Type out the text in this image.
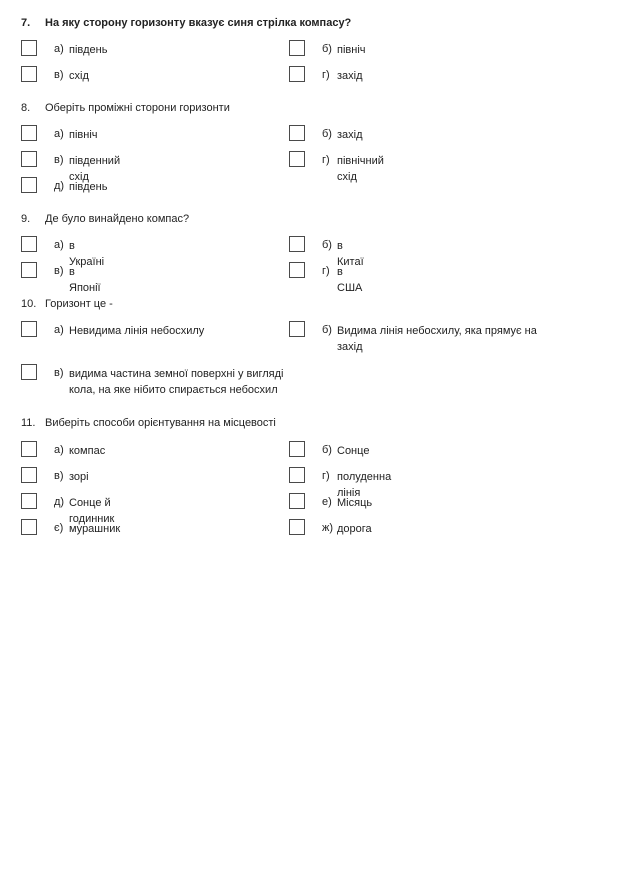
7. На яку сторону горизонту вказує синя стрілка компасу?
а) південь	б) північ
в) схід	г) захід
8. Оберіть проміжні сторони горизонти
а) північ	б) захід
в) південний схід
г) північний схід
д) південь
9. Де було винайдено компас?
а) в Україні
б) в Китаї
в) в Японії
г) в США
10. Горизонт це -
а) Невидима лінія небосхилу	б) Видима лінія небосхилу, яка прямує на захід
в) видима частина земної поверхні у вигляді кола, на яке нібито спирається небосхил
11. Виберіть способи орієнтування на місцевості
а) компас	б) Сонце
в) зорі	г) полуденна лінія
д) Сонце й годинник
е) Місяць
є) мурашник	ж) дорога
